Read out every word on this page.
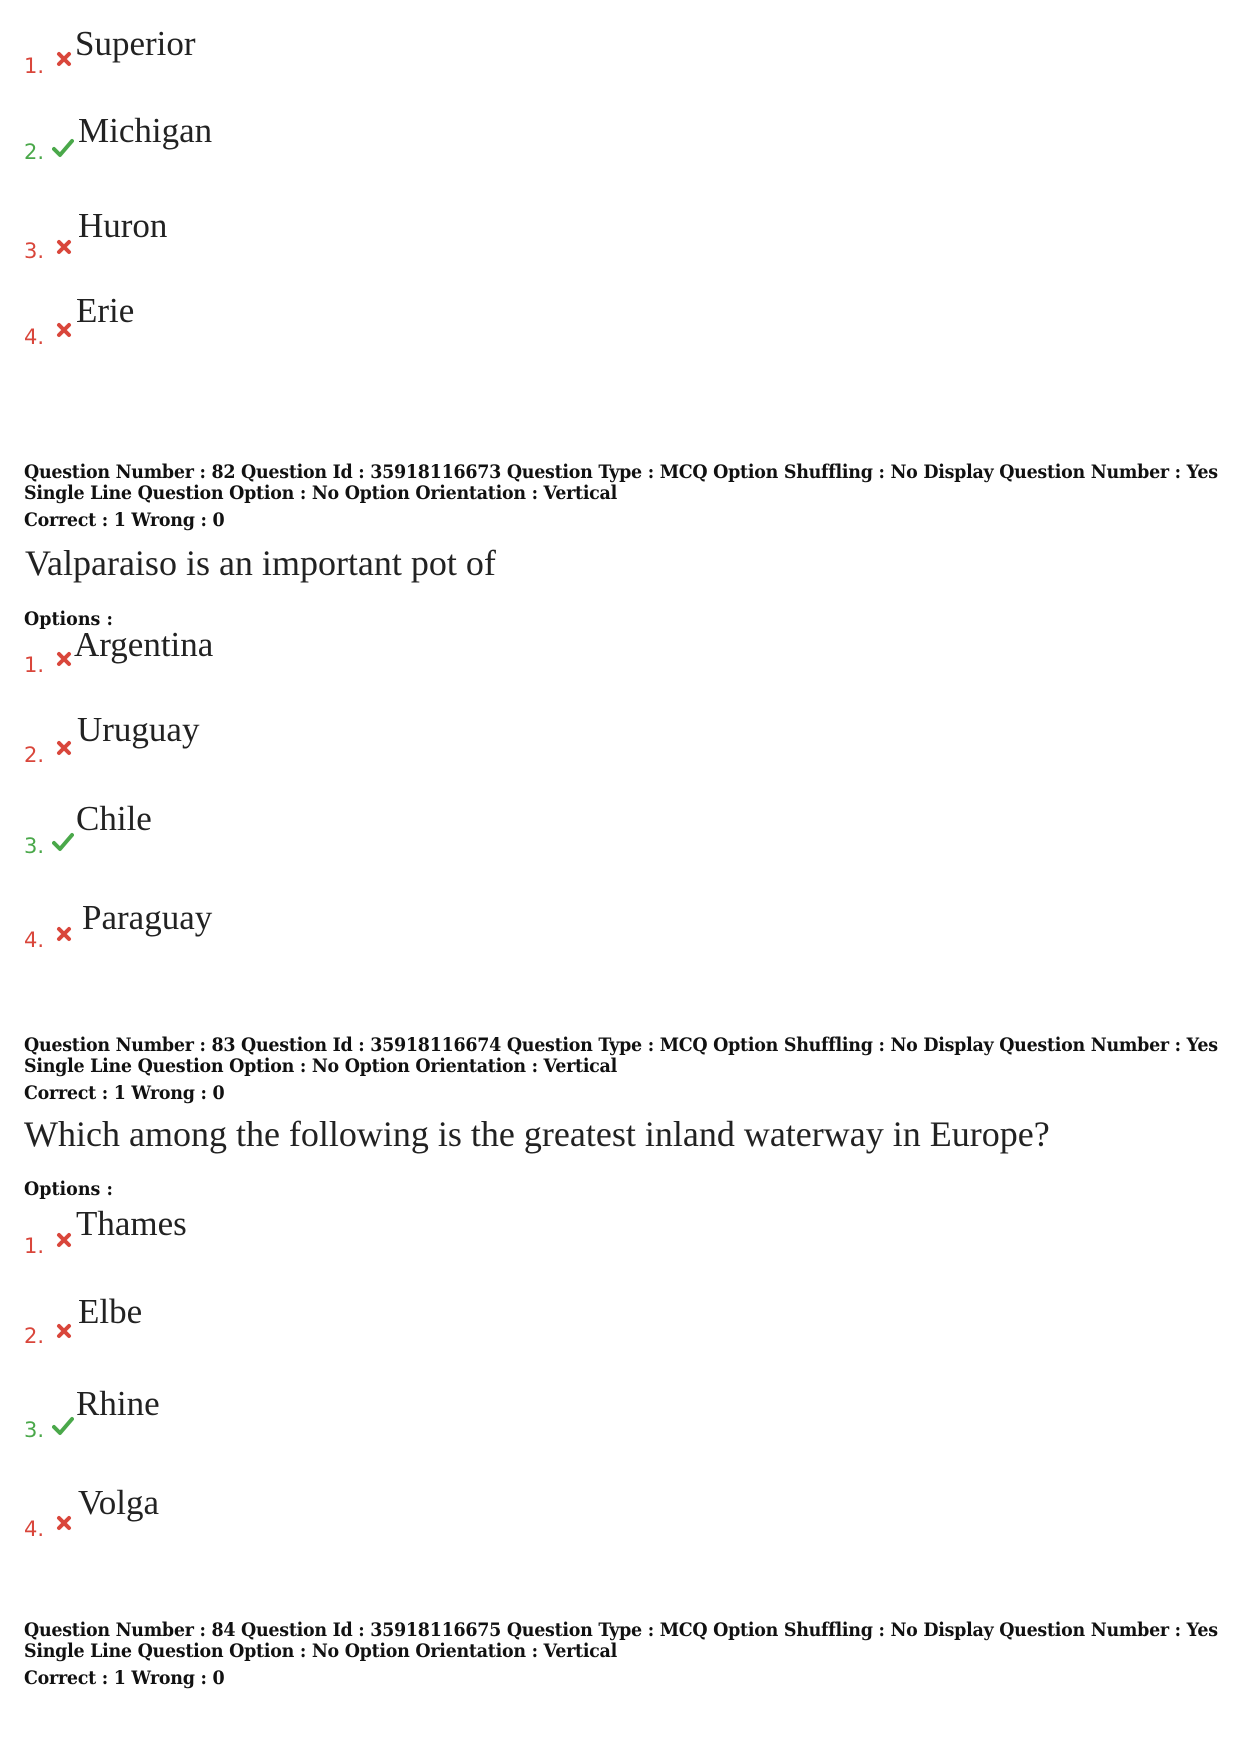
1.
Superior
2.
Michigan
3.
Huron
4.
Erie
Question Number : 82 Question Id : 35918116673 Question Type : MCQ Option Shuffling : No Display Question Number : Yes
Single Line Question Option : No Option Orientation : Vertical
Correct : 1 Wrong : 0
Valparaiso is an important pot of
Options :
1.
Argentina
2.
Uruguay
3.
Chile
4.
Paraguay
Question Number : 83 Question Id : 35918116674 Question Type : MCQ Option Shuffling : No Display Question Number : Yes
Single Line Question Option : No Option Orientation : Vertical
Correct : 1 Wrong : 0
Which among the following is the greatest inland waterway in Europe?
Options :
1.
Thames
2.
Elbe
3.
Rhine
4.
Volga
Question Number : 84 Question Id : 35918116675 Question Type : MCQ Option Shuffling : No Display Question Number : Yes
Single Line Question Option : No Option Orientation : Vertical
Correct : 1 Wrong : 0
